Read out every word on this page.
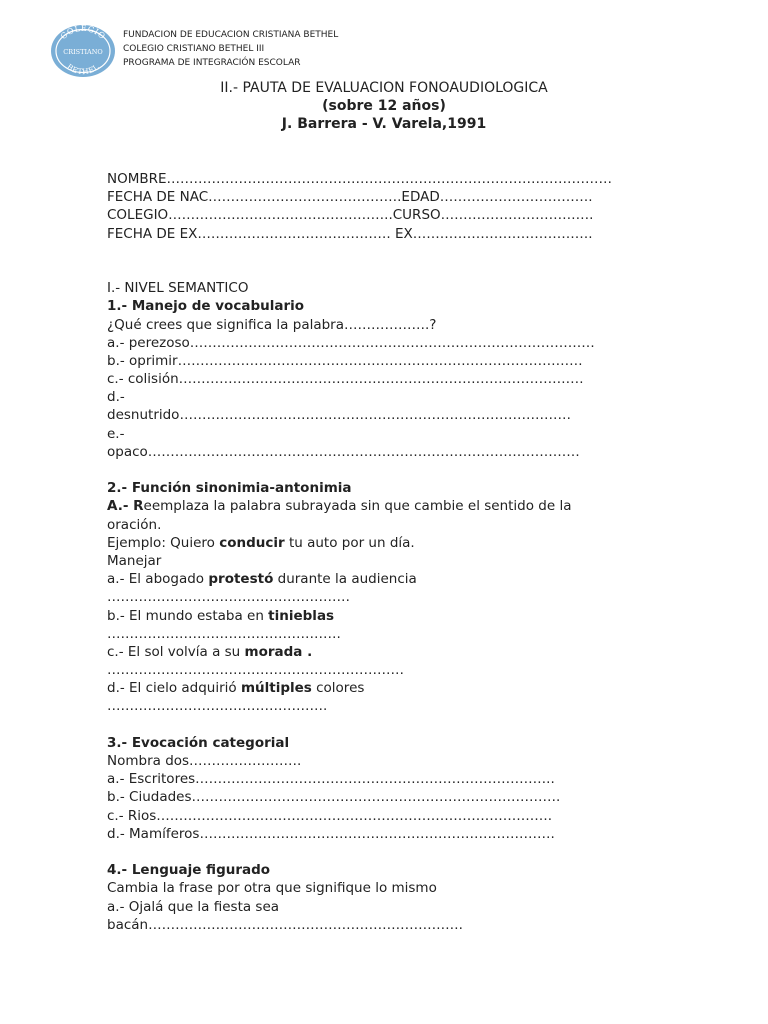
COLEGIO
CRISTIANO
BETHEL
FUNDACION DE EDUCACION CRISTIANA BETHEL
COLEGIO CRISTIANO BETHEL III
PROGRAMA DE INTEGRACIÓN ESCOLAR
II.- PAUTA DE EVALUACION FONOAUDIOLOGICA
(sobre 12 años)
J. Barrera - V. Varela,1991
NOMBRE………………………………………………………………………………………
FECHA DE NAC…………………………………….EDAD…………………………….
COLEGIO…………………………………………..CURSO…………………………….
FECHA DE EX……………………………………. EX………………………………….
I.- NIVEL SEMANTICO
1.- Manejo de vocabulario
¿Qué crees que significa la palabra……………….?
a.- perezoso………………………………………………………………………………
b.- oprimir………………………………………………………………………………
c.- colisión………………………………………………………………………………
d.-
desnutrido……………………………………………………………………………
e.-
opaco……………………………………………………………………………………
2.- Función sinonimia-antonimia
A.- Reemplaza la palabra subrayada sin que cambie el sentido de la
oración.
Ejemplo: Quiero conducir tu auto por un día.
Manejar
a.- El abogado protestó durante la audiencia
………………………………………………
b.- El mundo estaba en tinieblas
…………………………………………….
c.- El sol volvía a su morada .
…………………………………………………………
d.- El cielo adquirió múltiples colores
………………………………………….
3.- Evocación categorial
Nombra dos…………………….
a.- Escritores……………………………………………………………………..
b.- Ciudades……………………………………………………………………….
c.- Rios…………………………………………………………………………….
d.- Mamíferos…………………………………………………………………….
4.- Lenguaje figurado
Cambia la frase por otra que signifique lo mismo
a.- Ojalá que la fiesta sea
bacán…………………………………………………………….
